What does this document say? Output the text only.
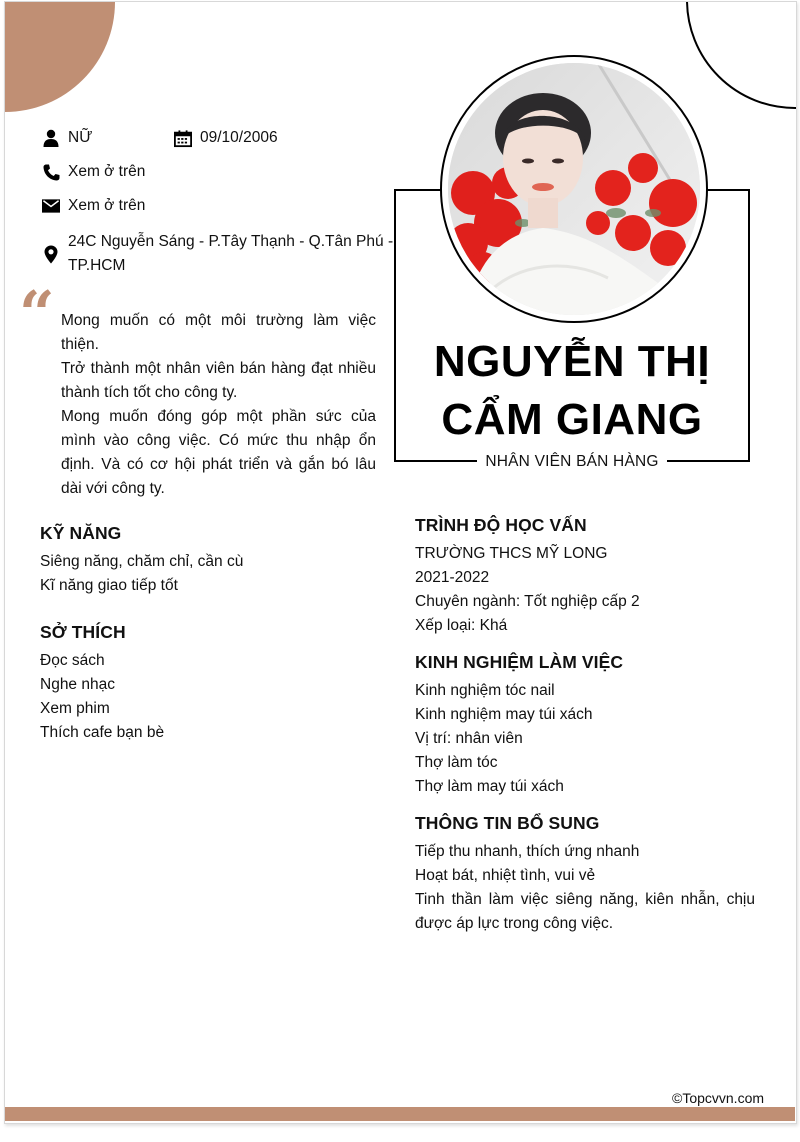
NỮ	09/10/2006
Xem ở trên
Xem ở trên
24C Nguyễn Sáng - P.Tây Thạnh - Q.Tân Phú - TP.HCM
“ Mong muốn có một môi trường làm việc thiện.

Trở thành một nhân viên bán hàng đạt nhiều thành tích tốt cho công ty.

Mong muốn đóng góp một phần sức của mình vào công việc. Có mức thu nhập ổn định. Và có cơ hội phát triển và gắn bó lâu dài với công ty.

KỸ NĂNG

Siêng năng, chăm chỉ, cần cù

Kĩ năng giao tiếp tốt

SỞ THÍCH

Đọc sách

Nghe nhạc

Xem phim

Thích cafe bạn bè

NGUYỄN THỊ
CẨM GIANG
NHÂN VIÊN BÁN HÀNG
TRÌNH ĐỘ HỌC VẤN

TRƯỜNG THCS MỸ LONG

2021-2022

Chuyên ngành: Tốt nghiệp cấp 2

Xếp loại: Khá

KINH NGHIỆM LÀM VIỆC

Kinh nghiệm tóc nail

Kinh nghiệm may túi xách

Vị trí: nhân viên

Thợ làm tóc

Thợ làm may túi xách

THÔNG TIN BỔ SUNG

Tiếp thu nhanh, thích ứng nhanh

Hoạt bát, nhiệt tình, vui vẻ

Tinh thần làm việc siêng năng, kiên nhẫn, chịu được áp lực trong công việc.

©Topcvvn.com
